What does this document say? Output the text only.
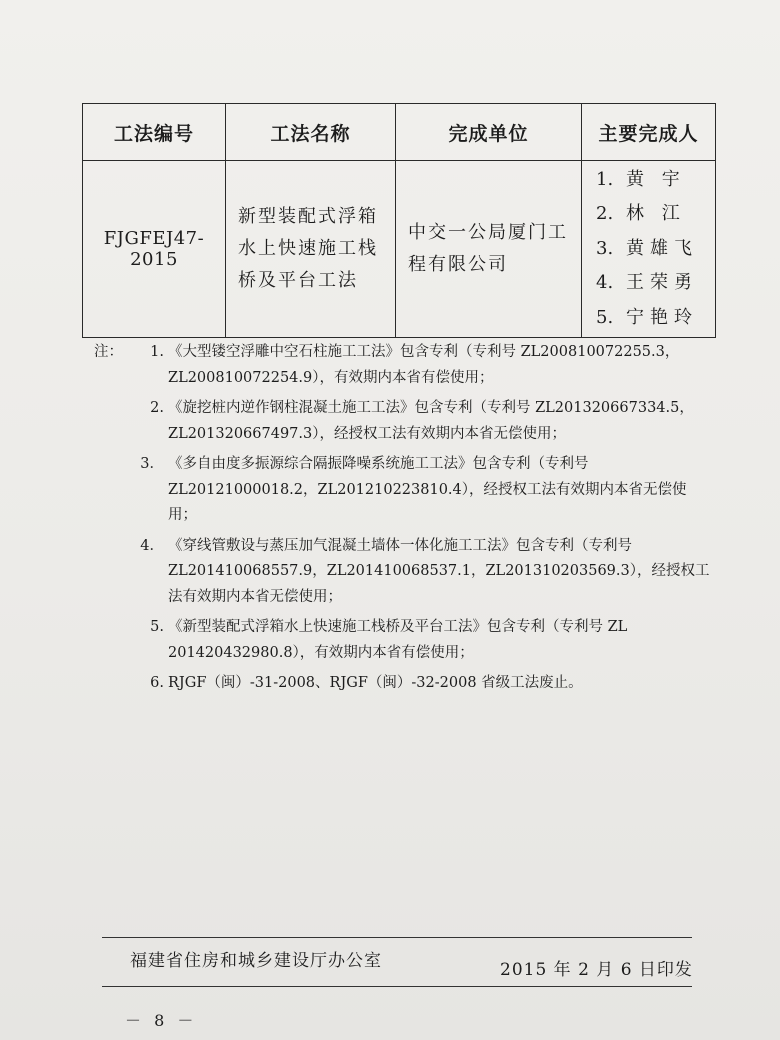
工法编号	工法名称	完成单位	主要完成人
FJGFEJ47-2015	新型装配式浮箱水上快速施工栈桥及平台工法	中交一公局厦门工程有限公司	1. 黄 宇
2. 林 江
3. 黄雄飞
4. 王荣勇
5. 宁艳玲
注： 1. 《大型镂空浮雕中空石柱施工工法》包含专利（专利号 ZL200810072255.3，
ZL200810072254.9），有效期内本省有偿使用；
2. 《旋挖桩内逆作钢柱混凝土施工工法》包含专利（专利号 ZL201320667334.5，
ZL201320667497.3），经授权工法有效期内本省无偿使用；
3． 《多自由度多振源综合隔振降噪系统施工工法》包含专利（专利号
ZL20121000018.2，ZL201210223810.4），经授权工法有效期内本省无偿使用；
4． 《穿线管敷设与蒸压加气混凝土墙体一体化施工工法》包含专利（专利号
ZL201410068557.9，ZL201410068537.1，ZL201310203569.3），经授权工法有效期内本省无偿使用；
5. 《新型装配式浮箱水上快速施工栈桥及平台工法》包含专利（专利号 ZL
201420432980.8），有效期内本省有偿使用；
6. RJGF（闽）-31-2008、RJGF（闽）-32-2008 省级工法废止。
福建省住房和城乡建设厅办公室	2015 年 2 月 6 日印发
－ 8 －
